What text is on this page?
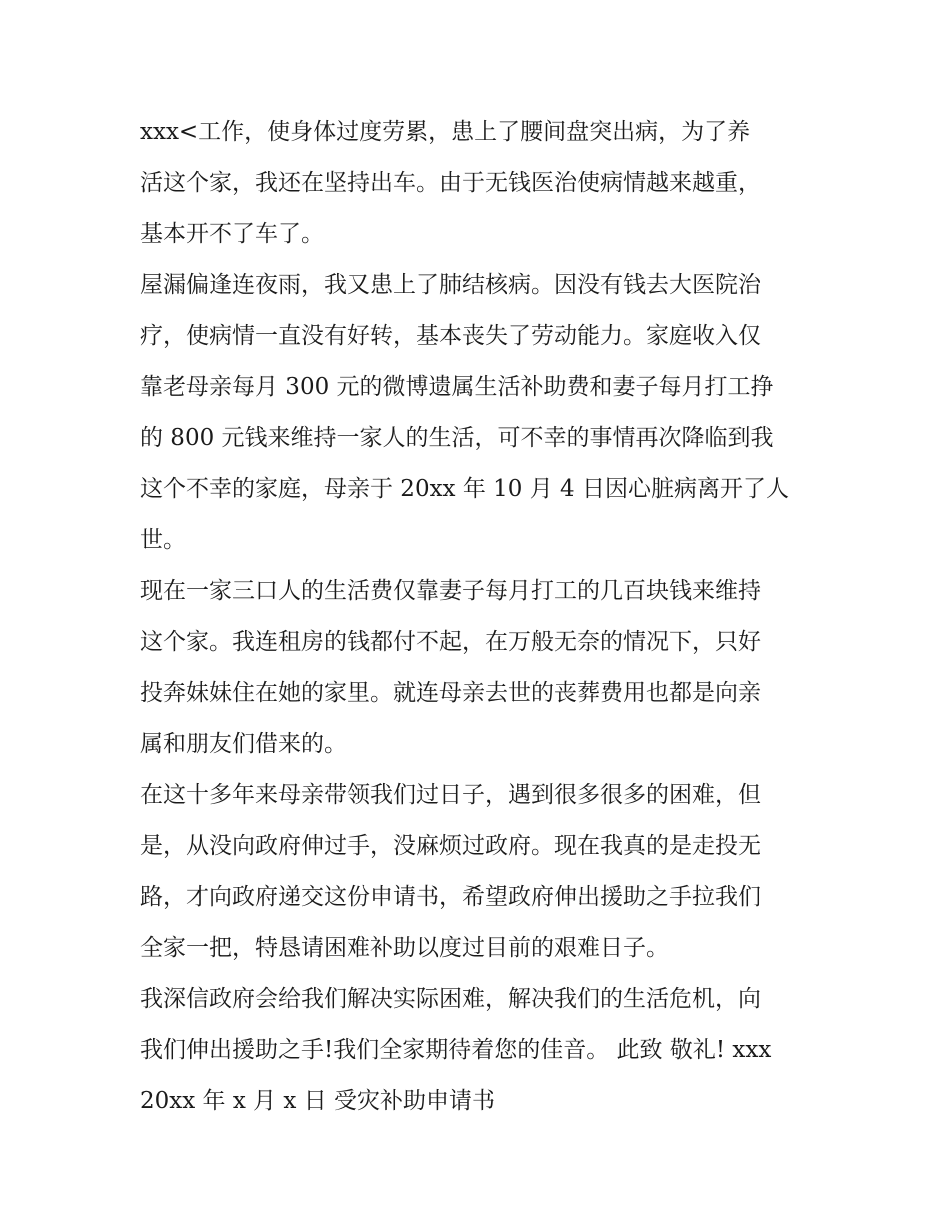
xxx<工作，使身体过度劳累，患上了腰间盘突出病，为了养
活这个家，我还在坚持出车。由于无钱医治使病情越来越重，
基本开不了车了。

屋漏偏逢连夜雨，我又患上了肺结核病。因没有钱去大医院治
疗，使病情一直没有好转，基本丧失了劳动能力。家庭收入仅
靠老母亲每月 300 元的微博遗属生活补助费和妻子每月打工挣
的 800 元钱来维持一家人的生活，可不幸的事情再次降临到我
这个不幸的家庭，母亲于 20xx 年 10 月 4 日因心脏病离开了人
世。

现在一家三口人的生活费仅靠妻子每月打工的几百块钱来维持
这个家。我连租房的钱都付不起，在万般无奈的情况下，只好
投奔妹妹住在她的家里。就连母亲去世的丧葬费用也都是向亲
属和朋友们借来的。

在这十多年来母亲带领我们过日子，遇到很多很多的困难，但
是，从没向政府伸过手，没麻烦过政府。现在我真的是走投无
路，才向政府递交这份申请书，希望政府伸出援助之手拉我们
全家一把，特恳请困难补助以度过目前的艰难日子。

我深信政府会给我们解决实际困难，解决我们的生活危机，向
我们伸出援助之手!我们全家期待着您的佳音。 此致 敬礼! xxx
20xx 年 x 月 x 日 受灾补助申请书
